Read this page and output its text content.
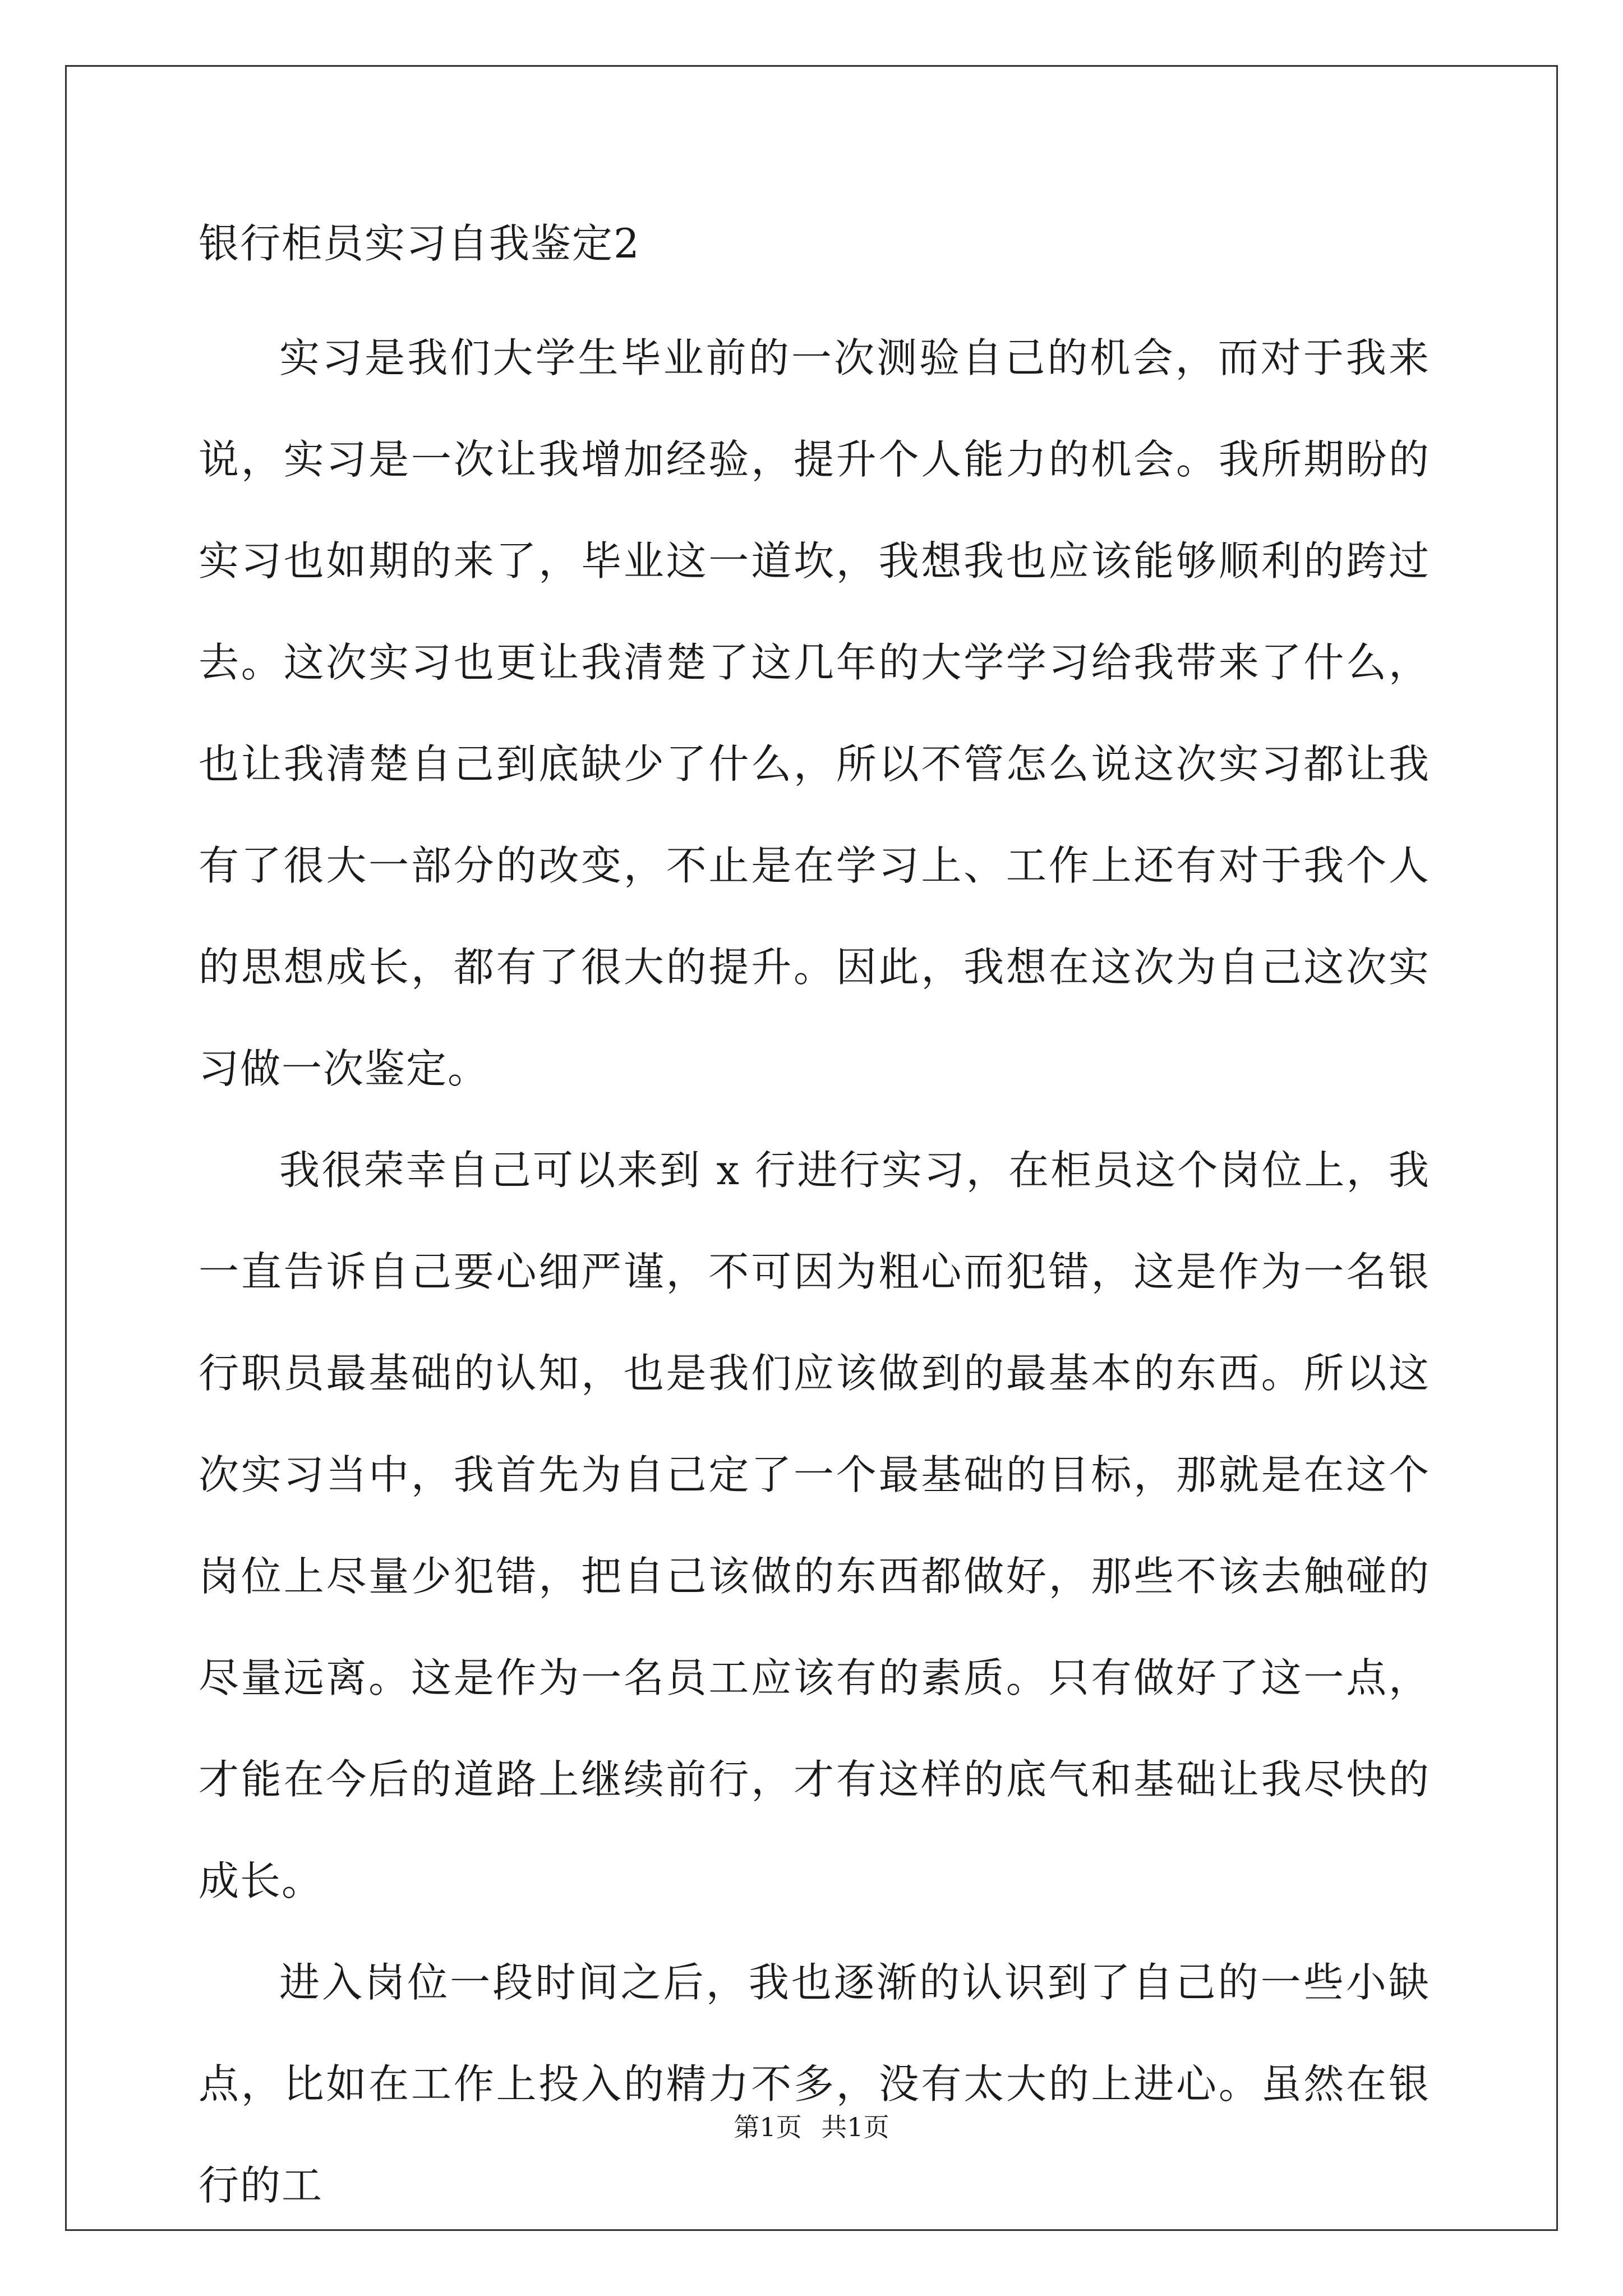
银行柜员实习自我鉴定2

实习是我们大学生毕业前的一次测验自己的机会，而对于我来说，实习是一次让我增加经验，提升个人能力的机会。我所期盼的实习也如期的来了，毕业这一道坎，我想我也应该能够顺利的跨过去。这次实习也更让我清楚了这几年的大学学习给我带来了什么，也让我清楚自己到底缺少了什么，所以不管怎么说这次实习都让我有了很大一部分的改变，不止是在学习上、工作上还有对于我个人的思想成长，都有了很大的提升。因此，我想在这次为自己这次实习做一次鉴定。

我很荣幸自己可以来到 x 行进行实习，在柜员这个岗位上，我一直告诉自己要心细严谨，不可因为粗心而犯错，这是作为一名银行职员最基础的认知，也是我们应该做到的最基本的东西。所以这次实习当中，我首先为自己定了一个最基础的目标，那就是在这个岗位上尽量少犯错，把自己该做的东西都做好，那些不该去触碰的尽量远离。这是作为一名员工应该有的素质。只有做好了这一点，才能在今后的道路上继续前行，才有这样的底气和基础让我尽快的成长。

进入岗位一段时间之后，我也逐渐的认识到了自己的一些小缺点，比如在工作上投入的精力不多，没有太大的上进心。虽然在银行的工

第1页 共1页
